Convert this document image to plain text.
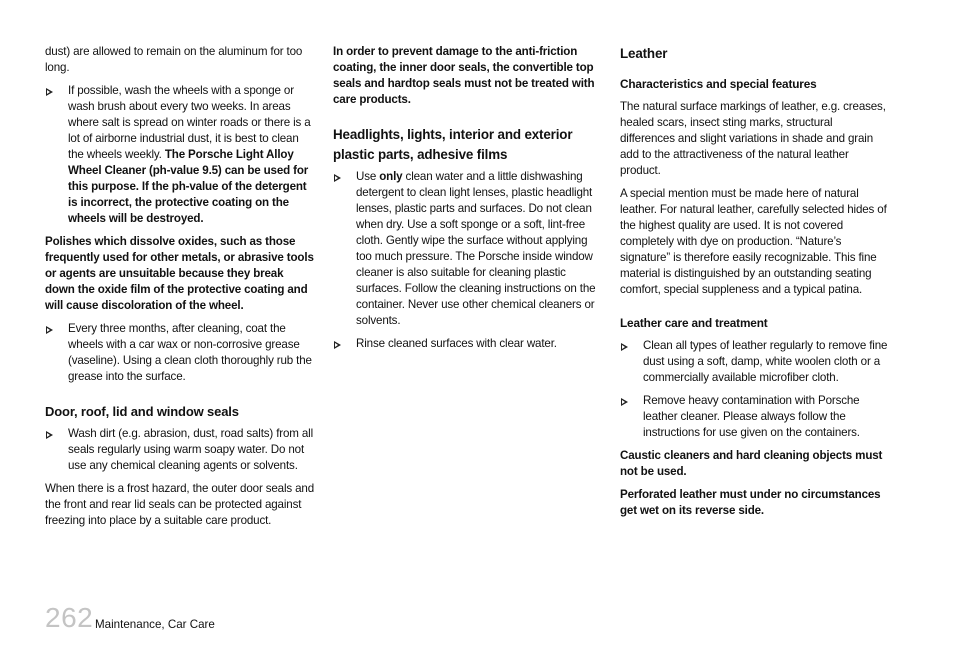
dust) are allowed to remain on the aluminum for too long.

If possible, wash the wheels with a sponge or wash brush about every two weeks. In areas where salt is spread on winter roads or there is a lot of airborne industrial dust, it is best to clean the wheels weekly. The Porsche Light Alloy Wheel Cleaner (ph-value 9.5) can be used for this purpose. If the ph-value of the detergent is incorrect, the protective coating on the wheels will be destroyed.

Polishes which dissolve oxides, such as those frequently used for other metals, or abrasive tools or agents are unsuitable because they break down the oxide film of the protective coating and will cause discoloration of the wheel.

Every three months, after cleaning, coat the wheels with a car wax or non-corrosive grease (vaseline). Using a clean cloth thoroughly rub the grease into the surface.
Door, roof, lid and window seals
Wash dirt (e.g. abrasion, dust, road salts) from all seals regularly using warm soapy water. Do not use any chemical cleaning agents or solvents.

When there is a frost hazard, the outer door seals and the front and rear lid seals can be protected against freezing into place by a suitable care product.

In order to prevent damage to the anti-friction coating, the inner door seals, the convertible top seals and hardtop seals must not be treated with care products.

Headlights, lights, interior and exterior plastic parts, adhesive films
Use only clean water and a little dishwashing detergent to clean light lenses, plastic headlight lenses, plastic parts and surfaces. Do not clean when dry. Use a soft sponge or a soft, lint-free cloth. Gently wipe the surface without applying too much pressure. The Porsche inside window cleaner is also suitable for cleaning plastic surfaces. Follow the cleaning instructions on the container. Never use other chemical cleaners or solvents.
Rinse cleaned surfaces with clear water.
Leather
Characteristics and special features

The natural surface markings of leather, e.g. creases, healed scars, insect sting marks, structural differences and slight variations in shade and grain add to the attractiveness of the natural leather product.

A special mention must be made here of natural leather. For natural leather, carefully selected hides of the highest quality are used. It is not covered completely with dye on production. “Nature’s signature” is therefore easily recognizable. This fine material is distinguished by an outstanding seating comfort, special suppleness and a typical patina.

Leather care and treatment
Clean all types of leather regularly to remove fine dust using a soft, damp, white woolen cloth or a commercially available microfiber cloth.
Remove heavy contamination with Porsche leather cleaner. Please always follow the instructions for use given on the containers.

Caustic cleaners and hard cleaning objects must not be used.

Perforated leather must under no circumstances get wet on its reverse side.

262 Maintenance, Car Care
